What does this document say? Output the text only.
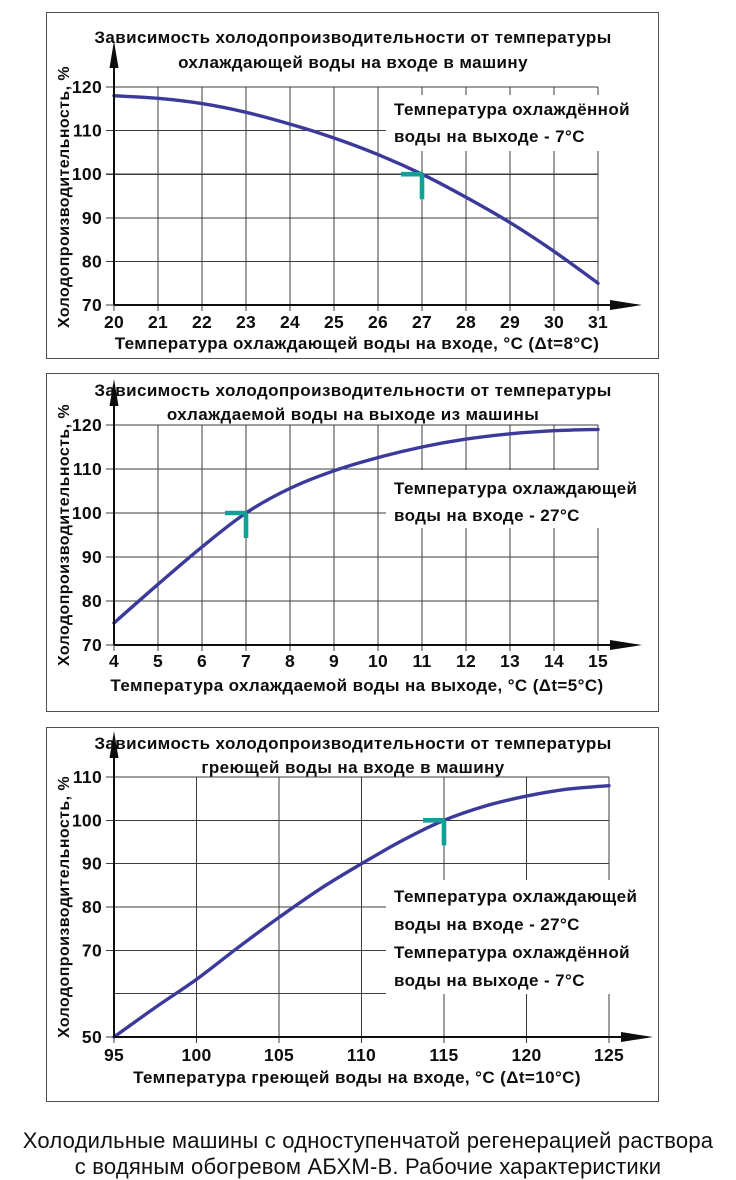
Температура охлаждённой
воды на выходе - 7°C
20 21 22 23 24 25 26 27 28 29 30 31
70
80
90
100
110
120
Зависимость холодопроизводительности от температуры
охлаждающей воды на входе в машину
Холодопроизводительность, %
Температура охлаждающей воды на входе, °C (Δt=8°C)
Температура охлаждающей
воды на входе - 27°C
4 5 6 7 8 9 10 11 12 13 14 15
70
80
90
100
110
120
Зависимость холодопроизводительности от температуры
охлаждаемой воды на выходе из машины
Холодопроизводительность, %
Температура охлаждаемой воды на выходе, °C (Δt=5°C)
Температура охлаждающей
воды на входе - 27°C
Температура охлаждённой
воды на выходе - 7°C
95	100	105	110	115	120	125
50
70
80
90
100
110
Зависимость холодопроизводительности от температуры
греющей воды на входе в машину
Холодопроизводительность, %
Температура греющей воды на входе, °C (Δt=10°C)
Холодильные машины с одноступенчатой регенерацией раствора
с водяным обогревом АБХМ-В. Рабочие характеристики
